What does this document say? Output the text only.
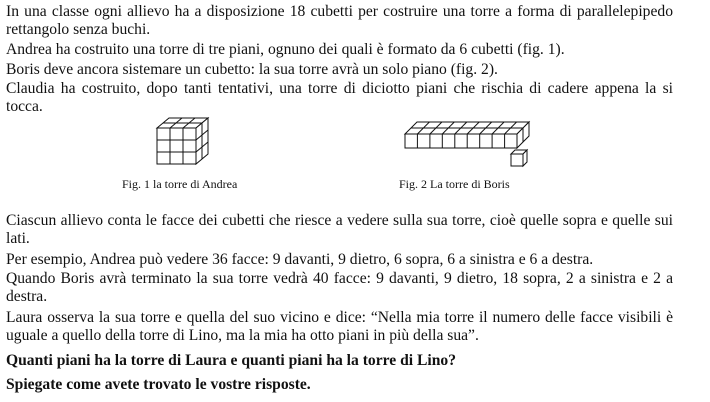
In una classe ogni allievo ha a disposizione 18 cubetti per costruire una torre a forma di parallelepipedo rettangolo senza buchi.

Andrea ha costruito una torre di tre piani, ognuno dei quali è formato da 6 cubetti (fig. 1).

Boris deve ancora sistemare un cubetto: la sua torre avrà un solo piano (fig. 2).

Claudia ha costruito, dopo tanti tentativi, una torre di diciotto piani che rischia di cadere appena la si tocca.

Fig. 1 la torre di Andrea	Fig. 2 La torre di Boris

Ciascun allievo conta le facce dei cubetti che riesce a vedere sulla sua torre, cioè quelle sopra e quelle sui lati.

Per esempio, Andrea può vedere 36 facce: 9 davanti, 9 dietro, 6 sopra, 6 a sinistra e 6 a destra.

Quando Boris avrà terminato la sua torre vedrà 40 facce: 9 davanti, 9 dietro, 18 sopra, 2 a sinistra e 2 a destra.

Laura osserva la sua torre e quella del suo vicino e dice: “Nella mia torre il numero delle facce visibili è uguale a quello della torre di Lino, ma la mia ha otto piani in più della sua”.

Quanti piani ha la torre di Laura e quanti piani ha la torre di Lino?

Spiegate come avete trovato le vostre risposte.
